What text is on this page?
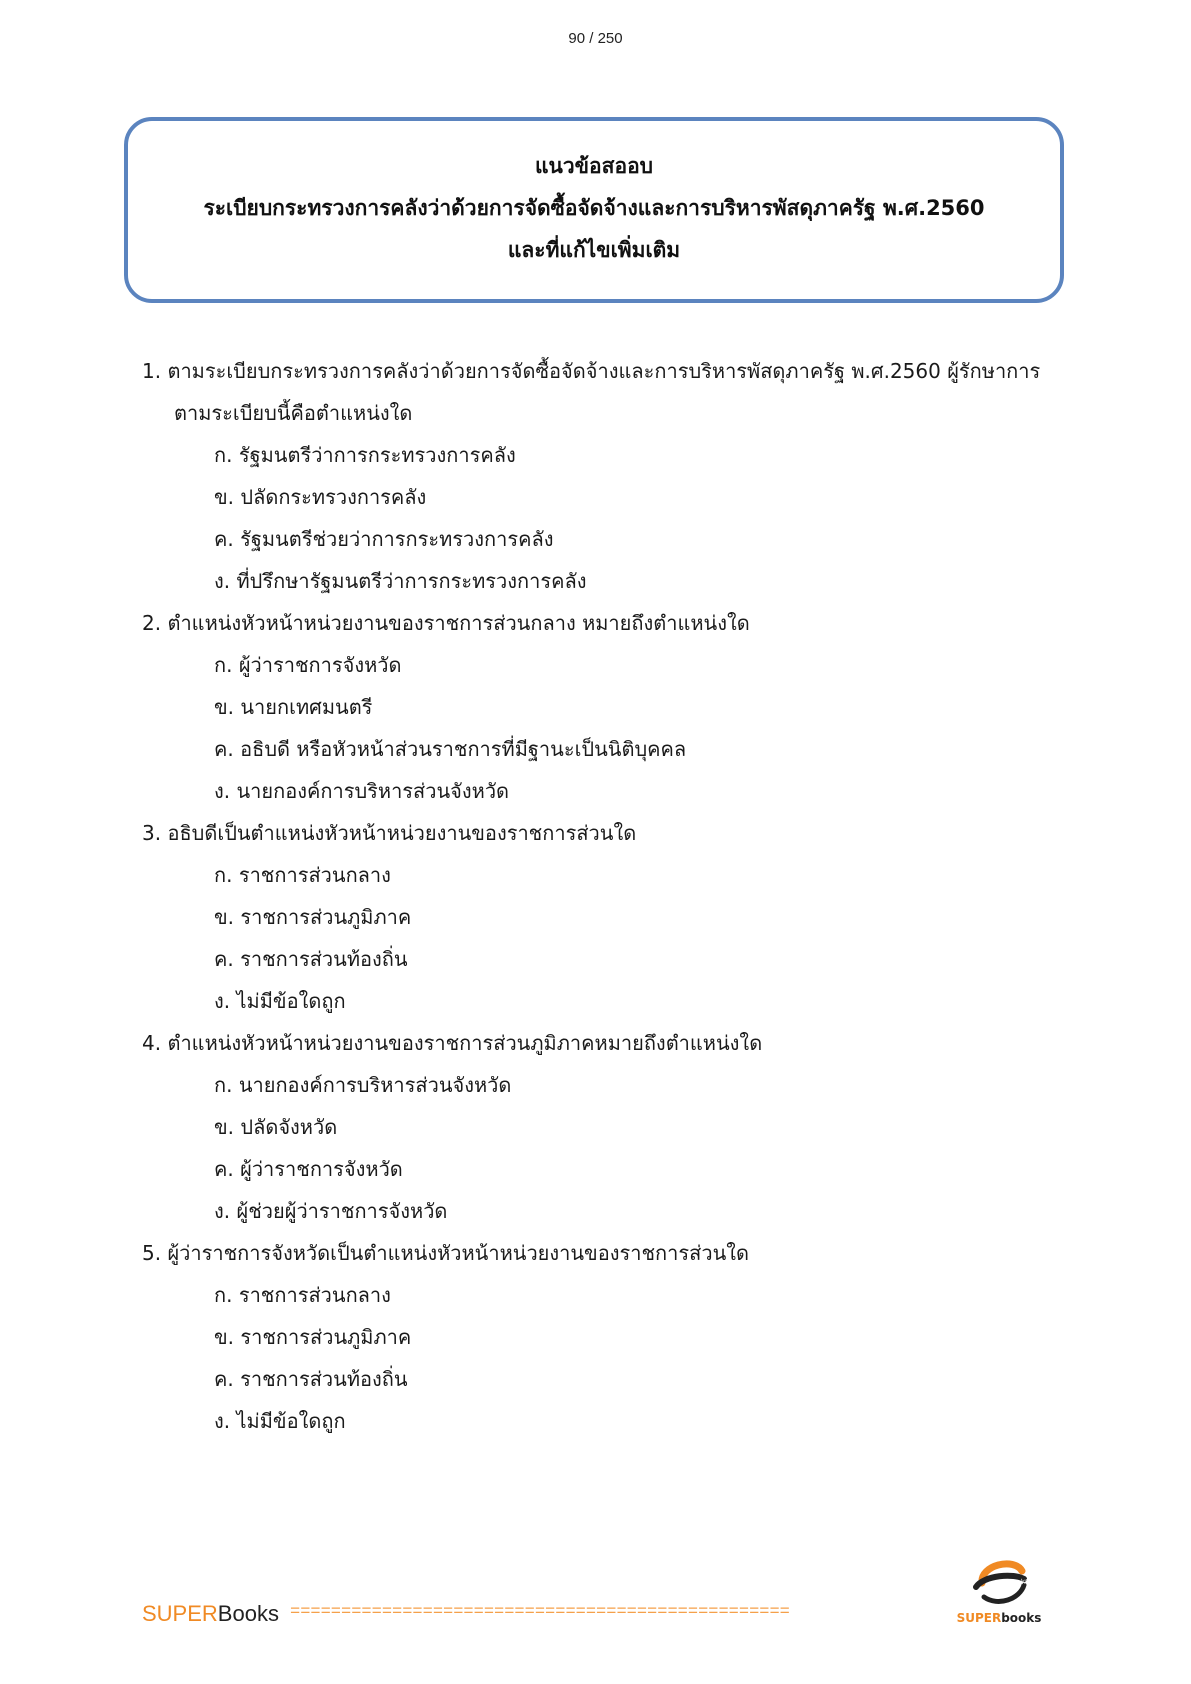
90 / 250
แนวข้อสออบ
ระเบียบกระทรวงการคลังว่าด้วยการจัดซื้อจัดจ้างและการบริหารพัสดุภาครัฐ พ.ศ.2560
และที่แก้ไขเพิ่มเติม
1. ตามระเบียบกระทรวงการคลังว่าด้วยการจัดซื้อจัดจ้างและการบริหารพัสดุภาครัฐ พ.ศ.2560 ผู้รักษาการ
ตามระเบียบนี้คือตำแหน่งใด
ก. รัฐมนตรีว่าการกระทรวงการคลัง
ข. ปลัดกระทรวงการคลัง
ค. รัฐมนตรีช่วยว่าการกระทรวงการคลัง
ง. ที่ปรึกษารัฐมนตรีว่าการกระทรวงการคลัง
2. ตำแหน่งหัวหน้าหน่วยงานของราชการส่วนกลาง หมายถึงตำแหน่งใด
ก. ผู้ว่าราชการจังหวัด
ข. นายกเทศมนตรี
ค. อธิบดี หรือหัวหน้าส่วนราชการที่มีฐานะเป็นนิติบุคคล
ง. นายกองค์การบริหารส่วนจังหวัด
3. อธิบดีเป็นตำแหน่งหัวหน้าหน่วยงานของราชการส่วนใด
ก. ราชการส่วนกลาง
ข. ราชการส่วนภูมิภาค
ค. ราชการส่วนท้องถิ่น
ง. ไม่มีข้อใดถูก
4. ตำแหน่งหัวหน้าหน่วยงานของราชการส่วนภูมิภาคหมายถึงตำแหน่งใด
ก. นายกองค์การบริหารส่วนจังหวัด
ข. ปลัดจังหวัด
ค. ผู้ว่าราชการจังหวัด
ง. ผู้ช่วยผู้ว่าราชการจังหวัด
5. ผู้ว่าราชการจังหวัดเป็นตำแหน่งหัวหน้าหน่วยงานของราชการส่วนใด
ก. ราชการส่วนกลาง
ข. ราชการส่วนภูมิภาค
ค. ราชการส่วนท้องถิ่น
ง. ไม่มีข้อใดถูก
SUPERBooks =================================================
SuperBooks
SUPERbooks
